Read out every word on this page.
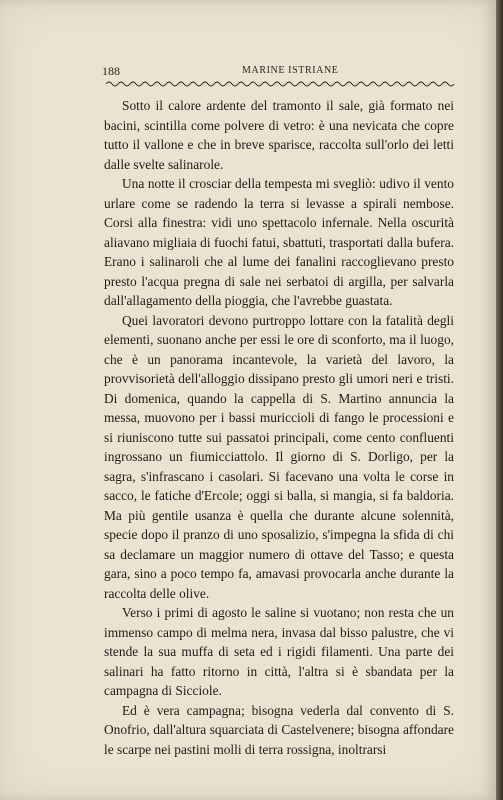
188	MARINE ISTRIANE

Sotto il calore ardente del tramonto il sale, già formato nei bacini, scintilla come polvere di vetro: è una nevicata che copre tutto il vallone e che in breve sparisce, raccolta sull'orlo dei letti dalle svelte salinarole.

Una notte il crosciar della tempesta mi svegliò: udivo il vento urlare come se radendo la terra si levasse a spirali nembose. Corsi alla finestra: vidi uno spettacolo infernale. Nella oscurità aliavano migliaia di fuochi fatui, sbattuti, trasportati dalla bufera. Erano i salinaroli che al lume dei fanalini raccoglievano presto presto l'acqua pregna di sale nei serbatoi di argilla, per salvarla dall'allagamento della pioggia, che l'avrebbe guastata.

Quei lavoratori devono purtroppo lottare con la fatalità degli elementi, suonano anche per essi le ore di sconforto, ma il luogo, che è un panorama incantevole, la varietà del lavoro, la provvisorietà dell'alloggio dissipano presto gli umori neri e tristi. Di domenica, quando la cappella di S. Martino annuncia la messa, muovono per i bassi muriccioli di fango le processioni e si riuniscono tutte sui passatoi principali, come cento confluenti ingrossano un fiumicciattolo. Il giorno di S. Dorligo, per la sagra, s'infrascano i casolari. Si facevano una volta le corse in sacco, le fatiche d'Ercole; oggi si balla, si mangia, si fa baldoria. Ma più gentile usanza è quella che durante alcune solennità, specie dopo il pranzo di uno sposalizio, s'impegna la sfida di chi sa declamare un maggior numero di ottave del Tasso; e questa gara, sino a poco tempo fa, amavasi provocarla anche durante la raccolta delle olive.

Verso i primi di agosto le saline si vuotano; non resta che un immenso campo di melma nera, invasa dal bisso palustre, che vi stende la sua muffa di seta ed i rigidi filamenti. Una parte dei salinari ha fatto ritorno in città, l'altra si è sbandata per la campagna di Sicciole.

Ed è vera campagna; bisogna vederla dal convento di S. Onofrio, dall'altura squarciata di Castelvenere; bisogna affondare le scarpe nei pastini molli di terra rossigna, inoltrarsi
